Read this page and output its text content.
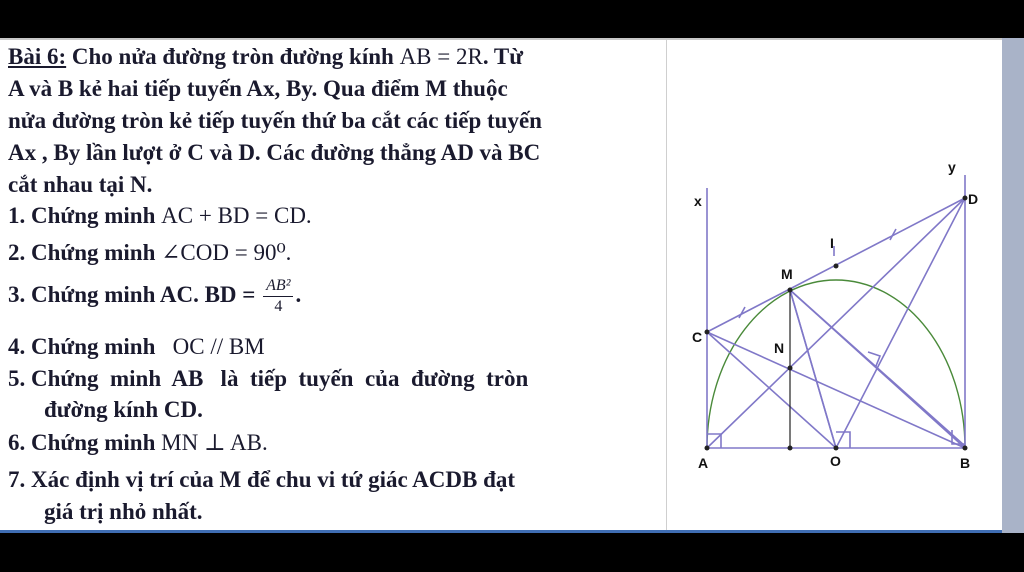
Bài 6: Cho nửa đường tròn đường kính AB = 2R. Từ
A và B kẻ hai tiếp tuyến Ax, By. Qua điểm M thuộc
nửa đường tròn kẻ tiếp tuyến thứ ba cắt các tiếp tuyến
Ax , By lần lượt ở C và D. Các đường thẳng AD và BC
cắt nhau tại N.
1. Chứng minh AC + BD = CD.
2. Chứng minh ∠COD = 90⁰.
3. Chứng minh AC. BD = $\frac{\text{AB²}}{4}$ .
4. Chứng minh   OC // BM
5. Chứng  minh  AB   là  tiếp  tuyến  của  đường  tròn
đường kính CD.
6. Chứng minh MN ⊥ AB.
7. Xác định vị trí của M để chu vi tứ giác ACDB đạt
giá trị nhỏ nhất.
x
y
D
I
M
C
N
A	O	B
